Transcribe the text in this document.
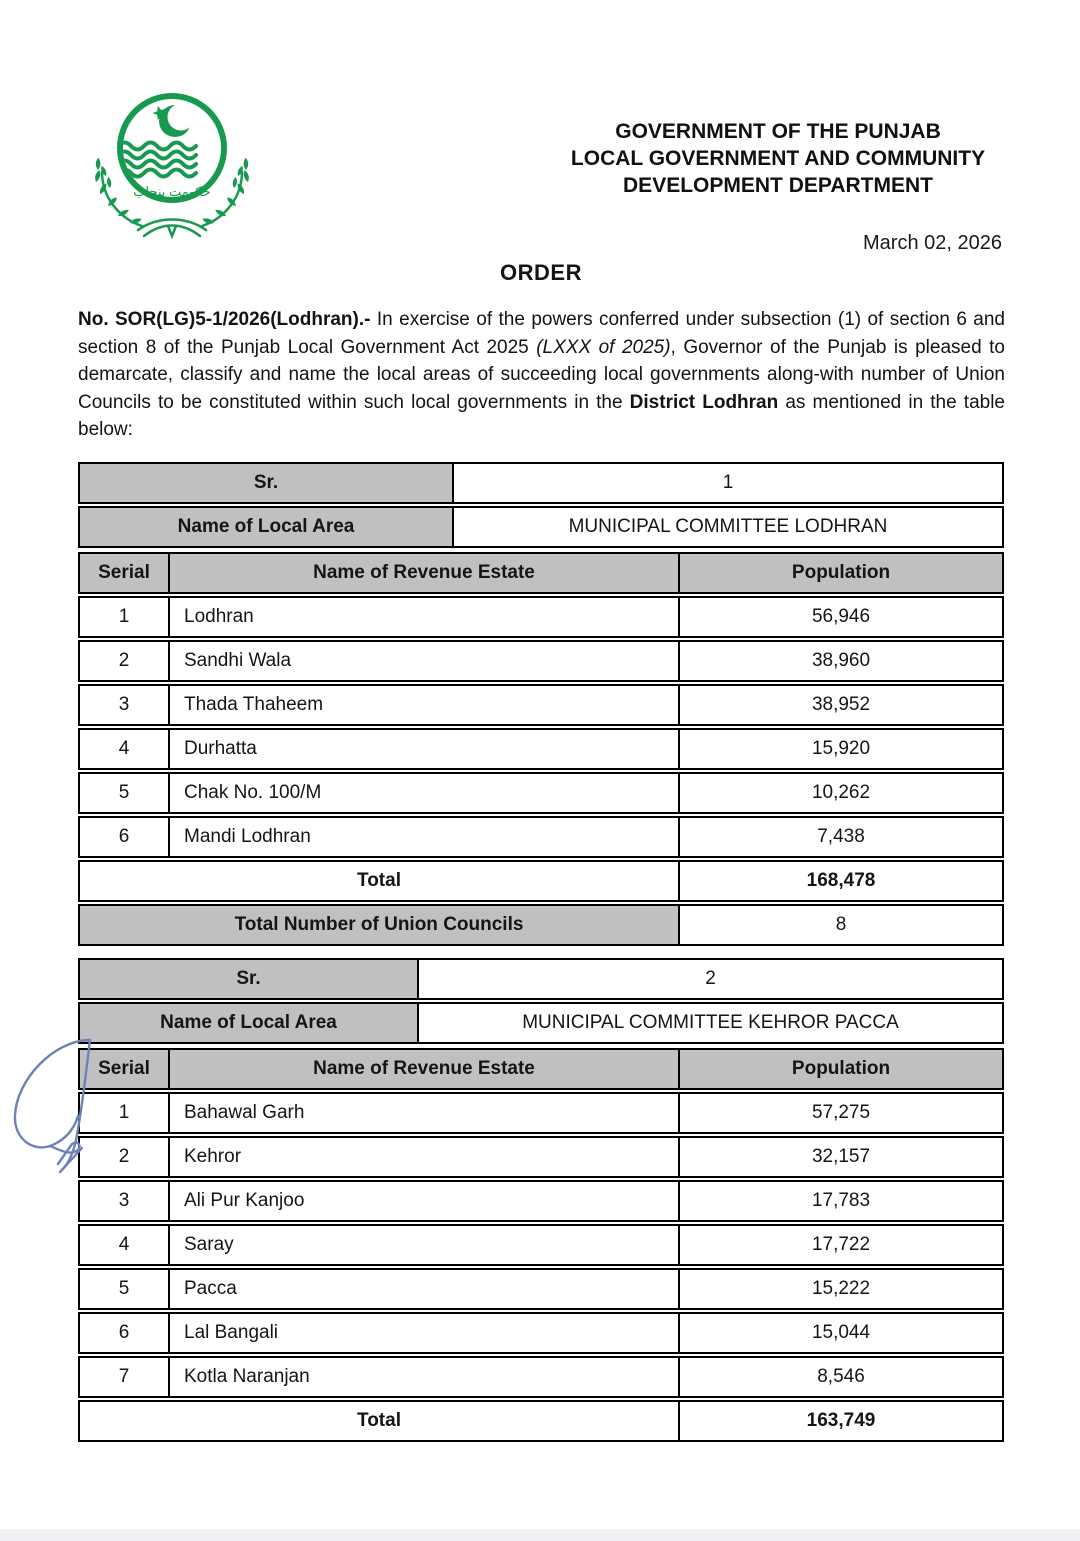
حکومت پنجاب
GOVERNMENT OF THE PUNJAB
LOCAL GOVERNMENT AND COMMUNITY
DEVELOPMENT DEPARTMENT
March 02, 2026
ORDER

No. SOR(LG)5-1/2026(Lodhran).- In exercise of the powers conferred under subsection (1) of section 6 and section 8 of the Punjab Local Government Act 2025 (LXXX of 2025), Governor of the Punjab is pleased to demarcate, classify and name the local areas of succeeding local governments along-with number of Union Councils to be constituted within such local governments in the District Lodhran as mentioned in the table below:

Sr.	1
Name of Local Area	MUNICIPAL COMMITTEE LODHRAN
Serial	Name of Revenue Estate	Population
1	Lodhran	56,946
2	Sandhi Wala	38,960
3	Thada Thaheem	38,952
4	Durhatta	15,920
5	Chak No. 100/M	10,262
6	Mandi Lodhran	7,438
Total	168,478
Total Number of Union Councils	8
Sr.	2
Name of Local Area	MUNICIPAL COMMITTEE KEHROR PACCA
Serial	Name of Revenue Estate	Population
1	Bahawal Garh	57,275
2	Kehror	32,157
3	Ali Pur Kanjoo	17,783
4	Saray	17,722
5	Pacca	15,222
6	Lal Bangali	15,044
7	Kotla Naranjan	8,546
Total	163,749
